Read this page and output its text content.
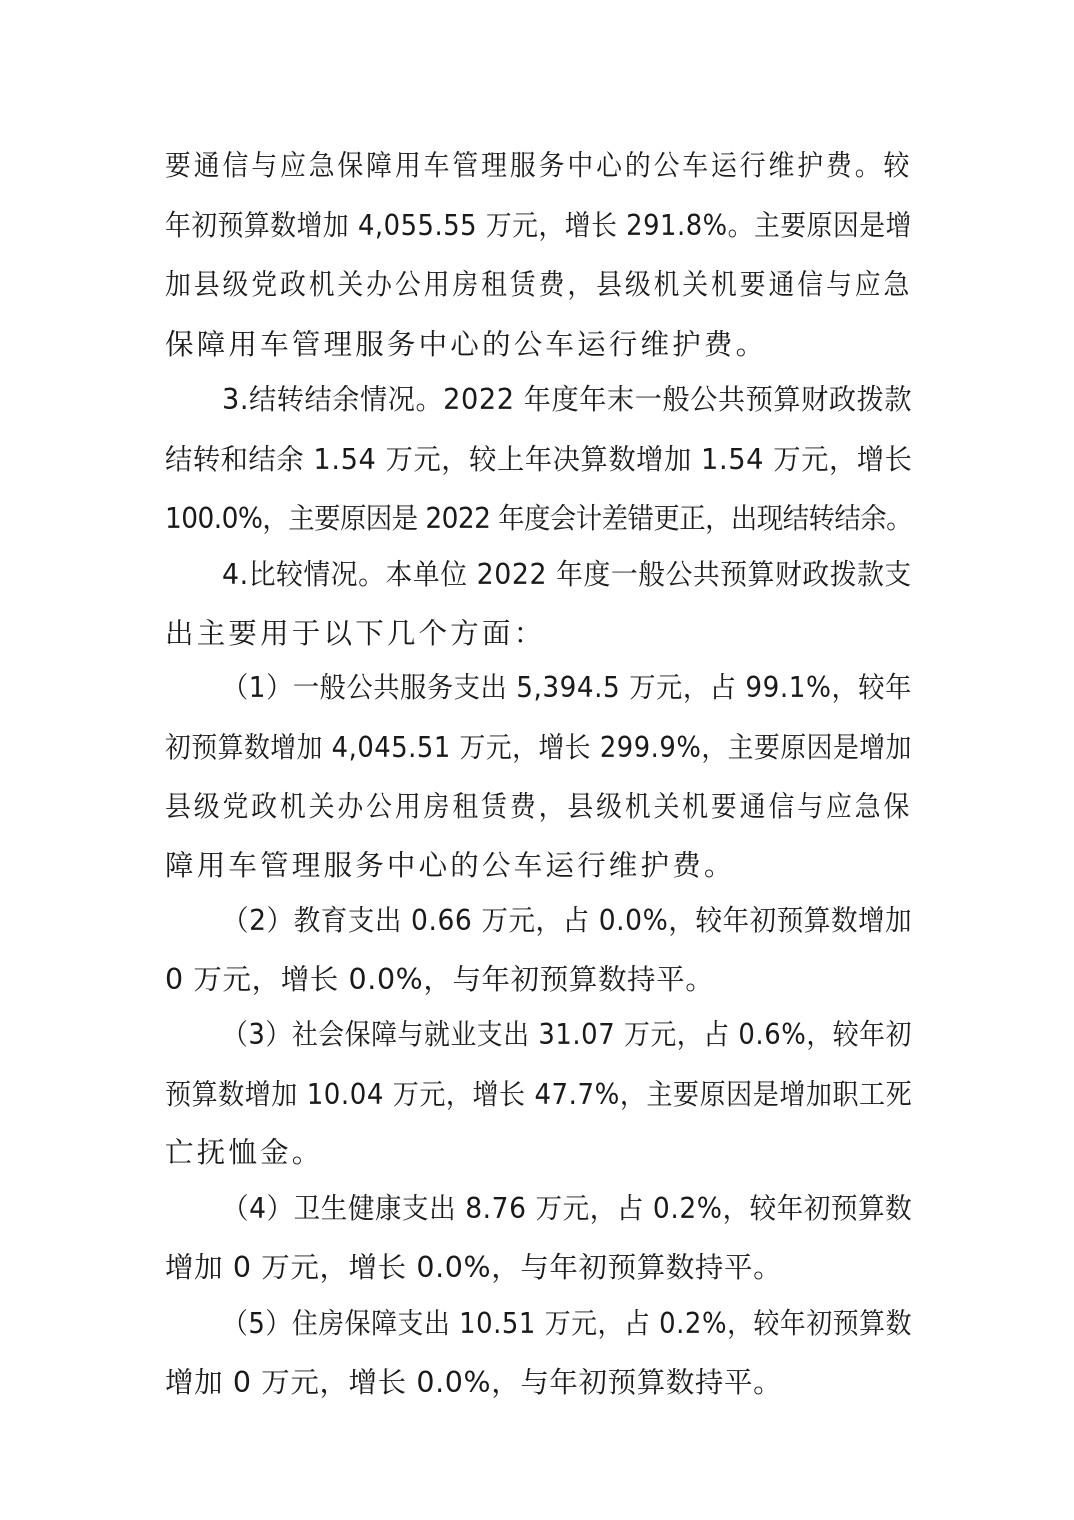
要通信与应急保障用车管理服务中心的公车运行维护费。较
年初预算数增加 4,055.55 万元，增长 291.8%。主要原因是增
加县级党政机关办公用房租赁费，县级机关机要通信与应急
保障用车管理服务中心的公车运行维护费。
3.结转结余情况。2022 年度年末一般公共预算财政拨款
结转和结余 1.54 万元，较上年决算数增加 1.54 万元，增长
100.0%，主要原因是 2022 年度会计差错更正，出现结转结余。
4.比较情况。本单位 2022 年度一般公共预算财政拨款支
出主要用于以下几个方面：
（1）一般公共服务支出 5,394.5 万元，占 99.1%，较年
初预算数增加 4,045.51 万元，增长 299.9%，主要原因是增加
县级党政机关办公用房租赁费，县级机关机要通信与应急保
障用车管理服务中心的公车运行维护费。
（2）教育支出 0.66 万元，占 0.0%，较年初预算数增加
0 万元，增长 0.0%，与年初预算数持平。
（3）社会保障与就业支出 31.07 万元，占 0.6%，较年初
预算数增加 10.04 万元，增长 47.7%，主要原因是增加职工死
亡抚恤金。
（4）卫生健康支出 8.76 万元，占 0.2%，较年初预算数
增加 0 万元，增长 0.0%，与年初预算数持平。
（5）住房保障支出 10.51 万元，占 0.2%，较年初预算数
增加 0 万元，增长 0.0%，与年初预算数持平。
